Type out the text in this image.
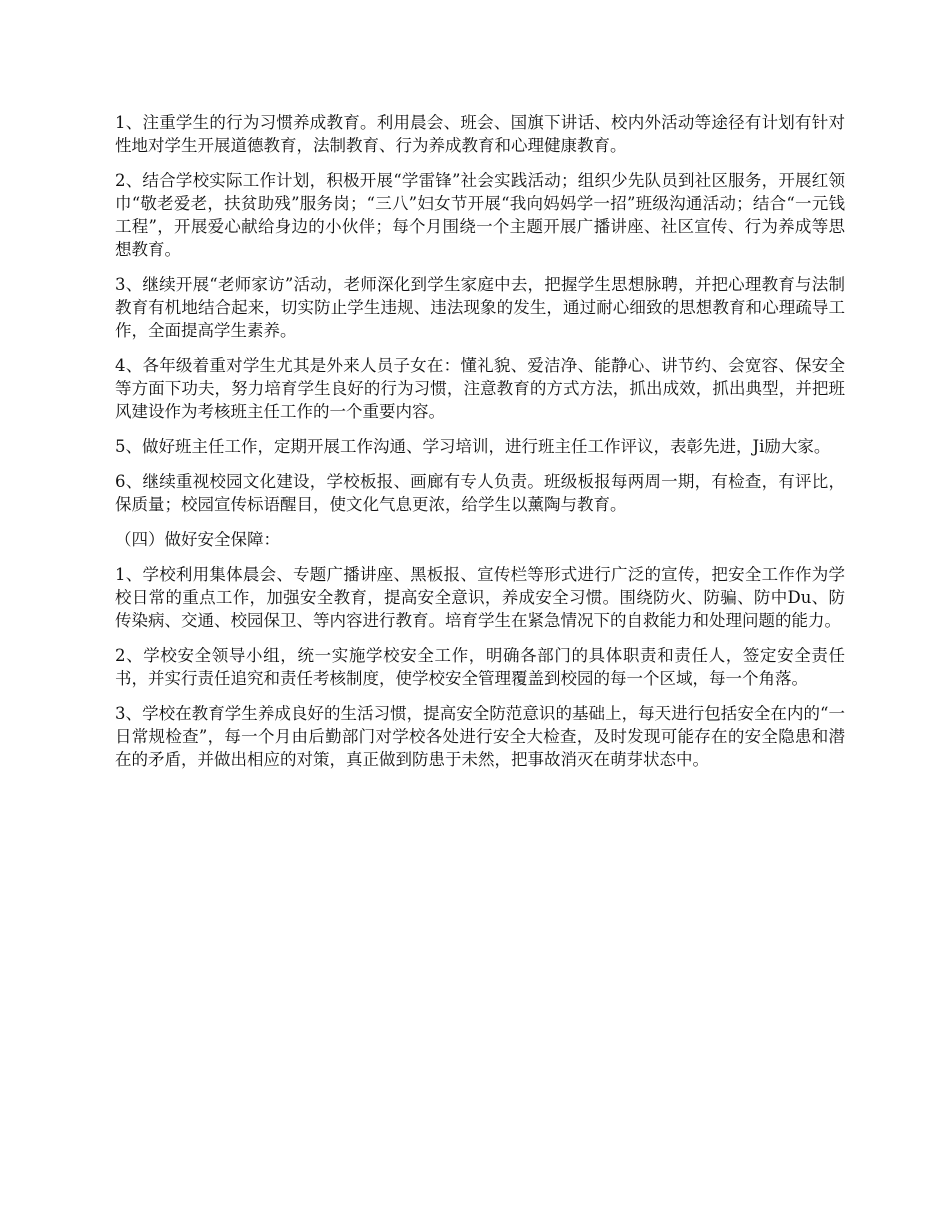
1、注重学生的行为习惯养成教育。利用晨会、班会、国旗下讲话、校内外活动等途径有计划有针对性地对学生开展道德教育，法制教育、行为养成教育和心理健康教育。

2、结合学校实际工作计划，积极开展“学雷锋”社会实践活动；组织少先队员到社区服务，开展红领巾“敬老爱老，扶贫助残”服务岗；“三八”妇女节开展“我向妈妈学一招”班级沟通活动；结合“一元钱工程”，开展爱心献给身边的小伙伴；每个月围绕一个主题开展广播讲座、社区宣传、行为养成等思想教育。

3、继续开展“老师家访”活动，老师深化到学生家庭中去，把握学生思想脉聘，并把心理教育与法制教育有机地结合起来，切实防止学生违规、违法现象的发生，通过耐心细致的思想教育和心理疏导工作，全面提高学生素养。

4、各年级着重对学生尤其是外来人员子女在：懂礼貌、爱洁净、能静心、讲节约、会宽容、保安全等方面下功夫，努力培育学生良好的行为习惯，注意教育的方式方法，抓出成效，抓出典型，并把班风建设作为考核班主任工作的一个重要内容。

5、做好班主任工作，定期开展工作沟通、学习培训，进行班主任工作评议，表彰先进，Ji励大家。

6、继续重视校园文化建设，学校板报、画廊有专人负责。班级板报每两周一期，有检查，有评比，保质量；校园宣传标语醒目，使文化气息更浓，给学生以薰陶与教育。

（四）做好安全保障：

1、学校利用集体晨会、专题广播讲座、黑板报、宣传栏等形式进行广泛的宣传，把安全工作作为学校日常的重点工作，加强安全教育，提高安全意识，养成安全习惯。围绕防火、防骗、防中Du、防传染病、交通、校园保卫、等内容进行教育。培育学生在紧急情况下的自救能力和处理问题的能力。

2、学校安全领导小组，统一实施学校安全工作，明确各部门的具体职责和责任人，签定安全责任书，并实行责任追究和责任考核制度，使学校安全管理覆盖到校园的每一个区域，每一个角落。

3、学校在教育学生养成良好的生活习惯，提高安全防范意识的基础上，每天进行包括安全在内的“一日常规检查”，每一个月由后勤部门对学校各处进行安全大检查，及时发现可能存在的安全隐患和潜在的矛盾，并做出相应的对策，真正做到防患于未然，把事故消灭在萌芽状态中。
